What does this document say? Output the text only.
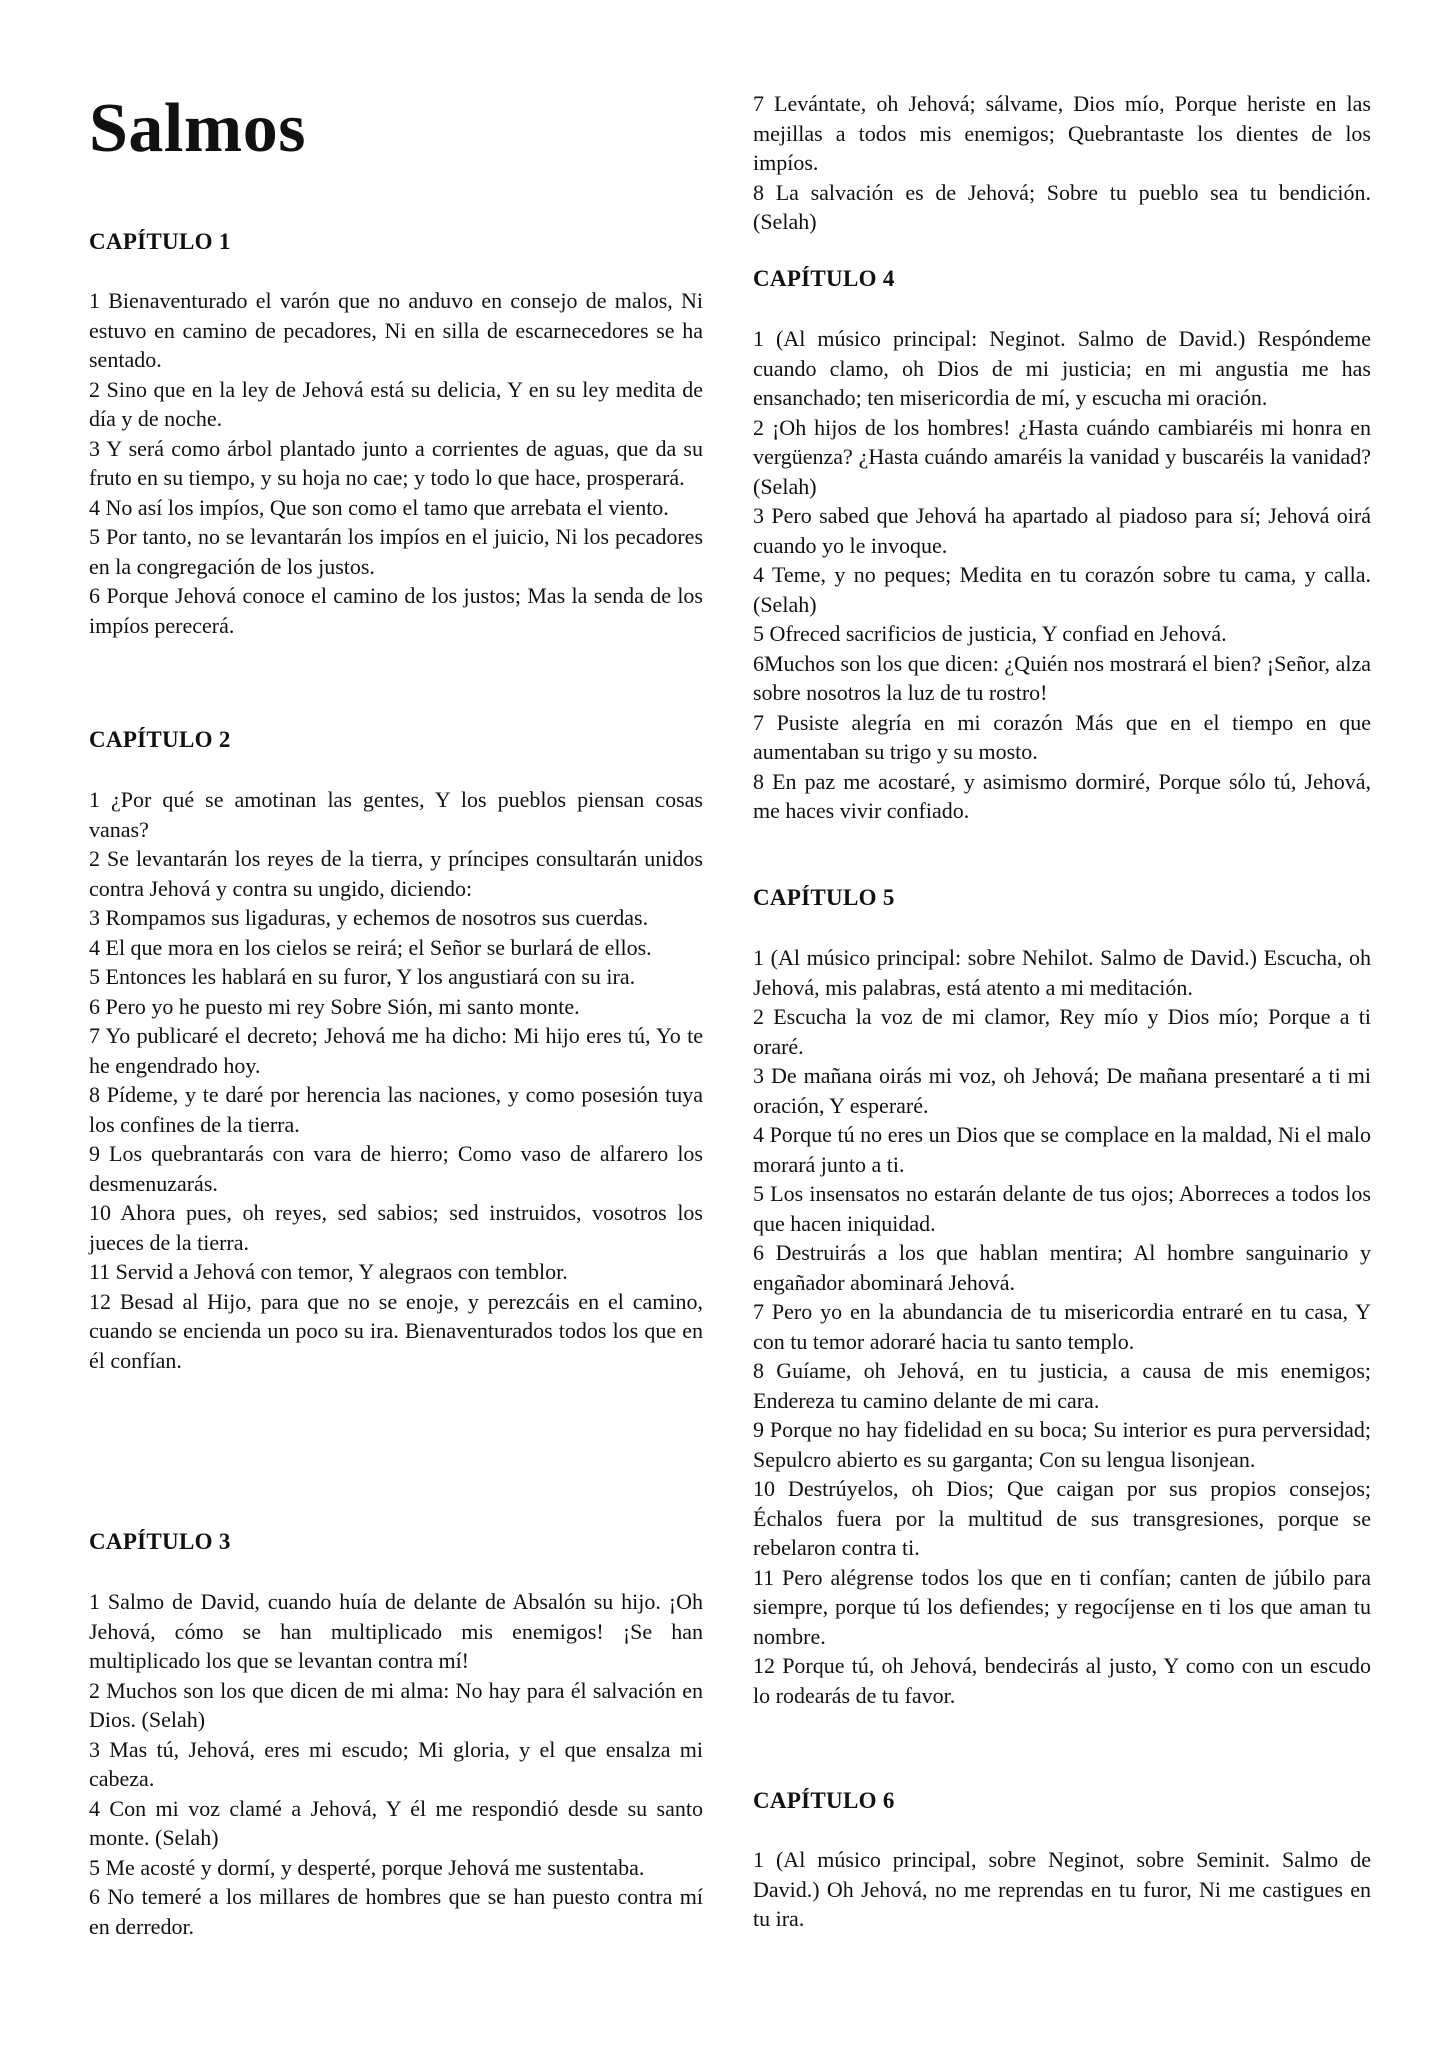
Salmos
CAPÍTULO 1

1 Bienaventurado el varón que no anduvo en consejo de malos, Ni estuvo en camino de pecadores, Ni en silla de escarnecedores se ha sentado.

2 Sino que en la ley de Jehová está su delicia, Y en su ley medita de día y de noche.

3 Y será como árbol plantado junto a corrientes de aguas, que da su fruto en su tiempo, y su hoja no cae; y todo lo que hace, prosperará.

4 No así los impíos, Que son como el tamo que arrebata el viento.

5 Por tanto, no se levantarán los impíos en el juicio, Ni los pecadores en la congregación de los justos.

6 Porque Jehová conoce el camino de los justos; Mas la senda de los impíos perecerá.

CAPÍTULO 2

1 ¿Por qué se amotinan las gentes, Y los pueblos piensan cosas vanas?

2 Se levantarán los reyes de la tierra, y príncipes consultarán unidos contra Jehová y contra su ungido, diciendo:

3 Rompamos sus ligaduras, y echemos de nosotros sus cuerdas.

4 El que mora en los cielos se reirá; el Señor se burlará de ellos.

5 Entonces les hablará en su furor, Y los angustiará con su ira.

6 Pero yo he puesto mi rey Sobre Sión, mi santo monte.

7 Yo publicaré el decreto; Jehová me ha dicho: Mi hijo eres tú, Yo te he engendrado hoy.

8 Pídeme, y te daré por herencia las naciones, y como posesión tuya los confines de la tierra.

9 Los quebrantarás con vara de hierro; Como vaso de alfarero los desmenuzarás.

10 Ahora pues, oh reyes, sed sabios; sed instruidos, vosotros los jueces de la tierra.

11 Servid a Jehová con temor, Y alegraos con temblor.

12 Besad al Hijo, para que no se enoje, y perezcáis en el camino, cuando se encienda un poco su ira. Bienaventurados todos los que en él confían.

CAPÍTULO 3

1 Salmo de David, cuando huía de delante de Absalón su hijo. ¡Oh Jehová, cómo se han multiplicado mis enemigos! ¡Se han multiplicado los que se levantan contra mí!

2 Muchos son los que dicen de mi alma: No hay para él salvación en Dios. (Selah)

3 Mas tú, Jehová, eres mi escudo; Mi gloria, y el que ensalza mi cabeza.

4 Con mi voz clamé a Jehová, Y él me respondió desde su santo monte. (Selah)

5 Me acosté y dormí, y desperté, porque Jehová me sustentaba.

6 No temeré a los millares de hombres que se han puesto contra mí en derredor.

7 Levántate, oh Jehová; sálvame, Dios mío, Porque heriste en las mejillas a todos mis enemigos; Quebrantaste los dientes de los impíos.

8 La salvación es de Jehová; Sobre tu pueblo sea tu bendición. (Selah)

CAPÍTULO 4

1 (Al músico principal: Neginot. Salmo de David.) Respóndeme cuando clamo, oh Dios de mi justicia; en mi angustia me has ensanchado; ten misericordia de mí, y escucha mi oración.

2 ¡Oh hijos de los hombres! ¿Hasta cuándo cambiaréis mi honra en vergüenza? ¿Hasta cuándo amaréis la vanidad y buscaréis la vanidad? (Selah)

3 Pero sabed que Jehová ha apartado al piadoso para sí; Jehová oirá cuando yo le invoque.

4 Teme, y no peques; Medita en tu corazón sobre tu cama, y calla. (Selah)

5 Ofreced sacrificios de justicia, Y confiad en Jehová.

6Muchos son los que dicen: ¿Quién nos mostrará el bien? ¡Señor, alza sobre nosotros la luz de tu rostro!

7 Pusiste alegría en mi corazón Más que en el tiempo en que aumentaban su trigo y su mosto.

8 En paz me acostaré, y asimismo dormiré, Porque sólo tú, Jehová, me haces vivir confiado.

CAPÍTULO 5

1 (Al músico principal: sobre Nehilot. Salmo de David.) Escucha, oh Jehová, mis palabras, está atento a mi meditación.

2 Escucha la voz de mi clamor, Rey mío y Dios mío; Porque a ti oraré.

3 De mañana oirás mi voz, oh Jehová; De mañana presentaré a ti mi oración, Y esperaré.

4 Porque tú no eres un Dios que se complace en la maldad, Ni el malo morará junto a ti.

5 Los insensatos no estarán delante de tus ojos; Aborreces a todos los que hacen iniquidad.

6 Destruirás a los que hablan mentira; Al hombre sanguinario y engañador abominará Jehová.

7 Pero yo en la abundancia de tu misericordia entraré en tu casa, Y con tu temor adoraré hacia tu santo templo.

8 Guíame, oh Jehová, en tu justicia, a causa de mis enemigos; Endereza tu camino delante de mi cara.

9 Porque no hay fidelidad en su boca; Su interior es pura perversidad; Sepulcro abierto es su garganta; Con su lengua lisonjean.

10 Destrúyelos, oh Dios; Que caigan por sus propios consejos; Échalos fuera por la multitud de sus transgresiones, porque se rebelaron contra ti.

11 Pero alégrense todos los que en ti confían; canten de júbilo para siempre, porque tú los defiendes; y regocíjense en ti los que aman tu nombre.

12 Porque tú, oh Jehová, bendecirás al justo, Y como con un escudo lo rodearás de tu favor.

CAPÍTULO 6

1 (Al músico principal, sobre Neginot, sobre Seminit. Salmo de David.) Oh Jehová, no me reprendas en tu furor, Ni me castigues en tu ira.
